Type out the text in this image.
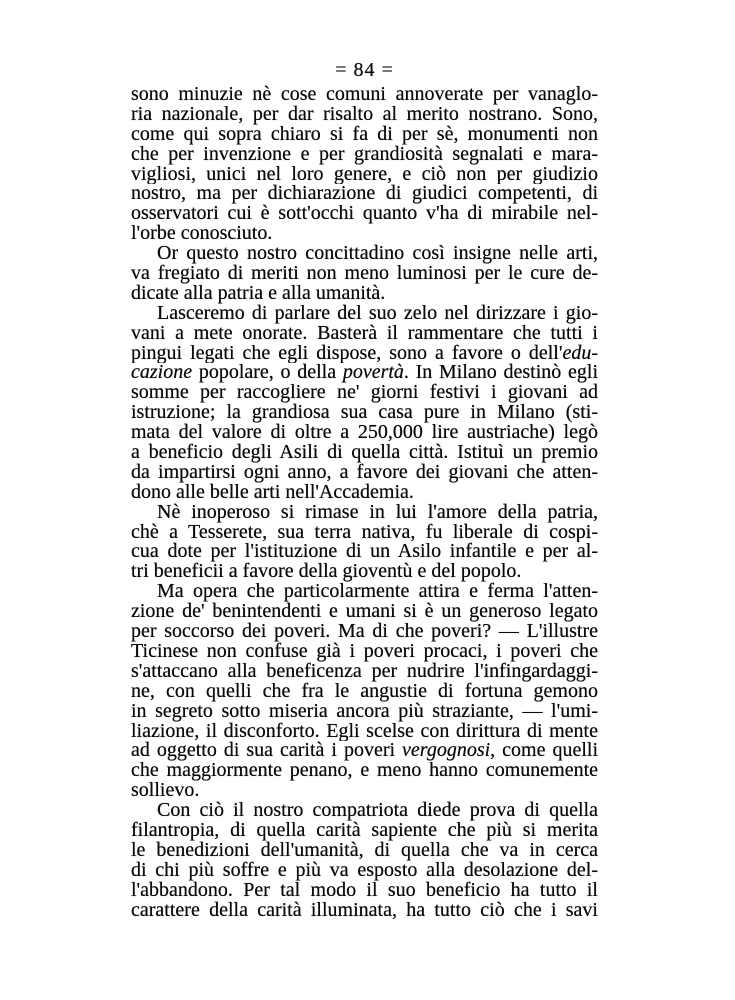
= 84 =
sono minuzie nè cose comuni annoverate per vanaglo-
ria nazionale, per dar risalto al merito nostrano. Sono,
come qui sopra chiaro si fa di per sè, monumenti non
che per invenzione e per grandiosità segnalati e mara-
vigliosi, unici nel loro genere, e ciò non per giudizio
nostro, ma per dichiarazione di giudici competenti, di
osservatori cui è sott'occhi quanto v'ha di mirabile nel-
l'orbe conosciuto.
Or questo nostro concittadino così insigne nelle arti,
va fregiato di meriti non meno luminosi per le cure de-
dicate alla patria e alla umanità.
Lasceremo di parlare del suo zelo nel dirizzare i gio-
vani a mete onorate. Basterà il rammentare che tutti i
pingui legati che egli dispose, sono a favore o dell'edu-
cazione popolare, o della povertà. In Milano destinò egli
somme per raccogliere ne' giorni festivi i giovani ad
istruzione; la grandiosa sua casa pure in Milano (sti-
mata del valore di oltre a 250,000 lire austriache) legò
a beneficio degli Asili di quella città. Istituì un premio
da impartirsi ogni anno, a favore dei giovani che atten-
dono alle belle arti nell'Accademia.
Nè inoperoso si rimase in lui l'amore della patria,
chè a Tesserete, sua terra nativa, fu liberale di cospi-
cua dote per l'istituzione di un Asilo infantile e per al-
tri beneficii a favore della gioventù e del popolo.
Ma opera che particolarmente attira e ferma l'atten-
zione de' benintendenti e umani si è un generoso legato
per soccorso dei poveri. Ma di che poveri? — L'illustre
Ticinese non confuse già i poveri procaci, i poveri che
s'attaccano alla beneficenza per nudrire l'infingardaggi-
ne, con quelli che fra le angustie di fortuna gemono
in segreto sotto miseria ancora più straziante, — l'umi-
liazione, il disconforto. Egli scelse con dirittura di mente
ad oggetto di sua carità i poveri vergognosi, come quelli
che maggiormente penano, e meno hanno comunemente
sollievo.
Con ciò il nostro compatriota diede prova di quella
filantropia, di quella carità sapiente che più si merita
le benedizioni dell'umanità, di quella che va in cerca
di chi più soffre e più va esposto alla desolazione del-
l'abbandono. Per tal modo il suo beneficio ha tutto il
carattere della carità illuminata, ha tutto ciò che i savi
